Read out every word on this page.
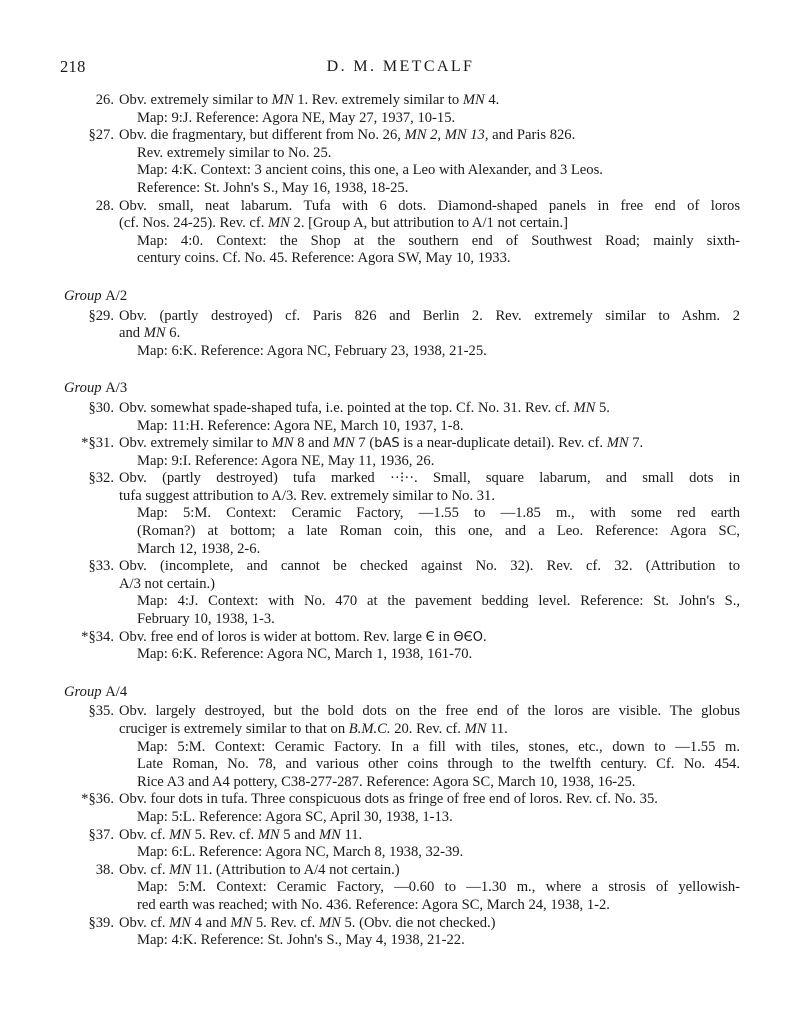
218	D. M. METCALF
26. Obv. extremely similar to MN 1. Rev. extremely similar to MN 4.
Map: 9:J. Reference: Agora NE, May 27, 1937, 10-15.
§27. Obv. die fragmentary, but different from No. 26, MN 2, MN 13, and Paris 826.
Rev. extremely similar to No. 25.
Map: 4:K. Context: 3 ancient coins, this one, a Leo with Alexander, and 3 Leos.
Reference: St. John's S., May 16, 1938, 18-25.
28. Obv. small, neat labarum. Tufa with 6 dots. Diamond-shaped panels in free end of loros
(cf. Nos. 24-25). Rev. cf. MN 2. [Group A, but attribution to A/1 not certain.]
Map: 4:0. Context: the Shop at the southern end of Southwest Road; mainly sixth-
century coins. Cf. No. 45. Reference: Agora SW, May 10, 1933.
Group A/2
§29. Obv. (partly destroyed) cf. Paris 826 and Berlin 2. Rev. extremely similar to Ashm. 2
and MN 6.
Map: 6:K. Reference: Agora NC, February 23, 1938, 21-25.
Group A/3
§30. Obv. somewhat spade-shaped tufa, i.e. pointed at the top. Cf. No. 31. Rev. cf. MN 5.
Map: 11:H. Reference: Agora NE, March 10, 1937, 1-8.
*§31. Obv. extremely similar to MN 8 and MN 7 (bAS is a near-duplicate detail). Rev. cf. MN 7.
Map: 9:I. Reference: Agora NE, May 11, 1936, 26.
§32. Obv. (partly destroyed) tufa marked ··⁝··. Small, square labarum, and small dots in
tufa suggest attribution to A/3. Rev. extremely similar to No. 31.
Map: 5:M. Context: Ceramic Factory, —1.55 to —1.85 m., with some red earth
(Roman?) at bottom; a late Roman coin, this one, and a Leo. Reference: Agora SC,
March 12, 1938, 2-6.
§33. Obv. (incomplete, and cannot be checked against No. 32). Rev. cf. 32. (Attribution to
A/3 not certain.)
Map: 4:J. Context: with No. 470 at the pavement bedding level. Reference: St. John's S.,
February 10, 1938, 1-3.
*§34. Obv. free end of loros is wider at bottom. Rev. large Є in ΘЄO.
Map: 6:K. Reference: Agora NC, March 1, 1938, 161-70.
Group A/4
§35. Obv. largely destroyed, but the bold dots on the free end of the loros are visible. The globus
cruciger is extremely similar to that on B.M.C. 20. Rev. cf. MN 11.
Map: 5:M. Context: Ceramic Factory. In a fill with tiles, stones, etc., down to —1.55 m.
Late Roman, No. 78, and various other coins through to the twelfth century. Cf. No. 454.
Rice A3 and A4 pottery, C38-277-287. Reference: Agora SC, March 10, 1938, 16-25.
*§36. Obv. four dots in tufa. Three conspicuous dots as fringe of free end of loros. Rev. cf. No. 35.
Map: 5:L. Reference: Agora SC, April 30, 1938, 1-13.
§37. Obv. cf. MN 5. Rev. cf. MN 5 and MN 11.
Map: 6:L. Reference: Agora NC, March 8, 1938, 32-39.
38. Obv. cf. MN 11. (Attribution to A/4 not certain.)
Map: 5:M. Context: Ceramic Factory, —0.60 to —1.30 m., where a strosis of yellowish-
red earth was reached; with No. 436. Reference: Agora SC, March 24, 1938, 1-2.
§39. Obv. cf. MN 4 and MN 5. Rev. cf. MN 5. (Obv. die not checked.)
Map: 4:K. Reference: St. John's S., May 4, 1938, 21-22.
